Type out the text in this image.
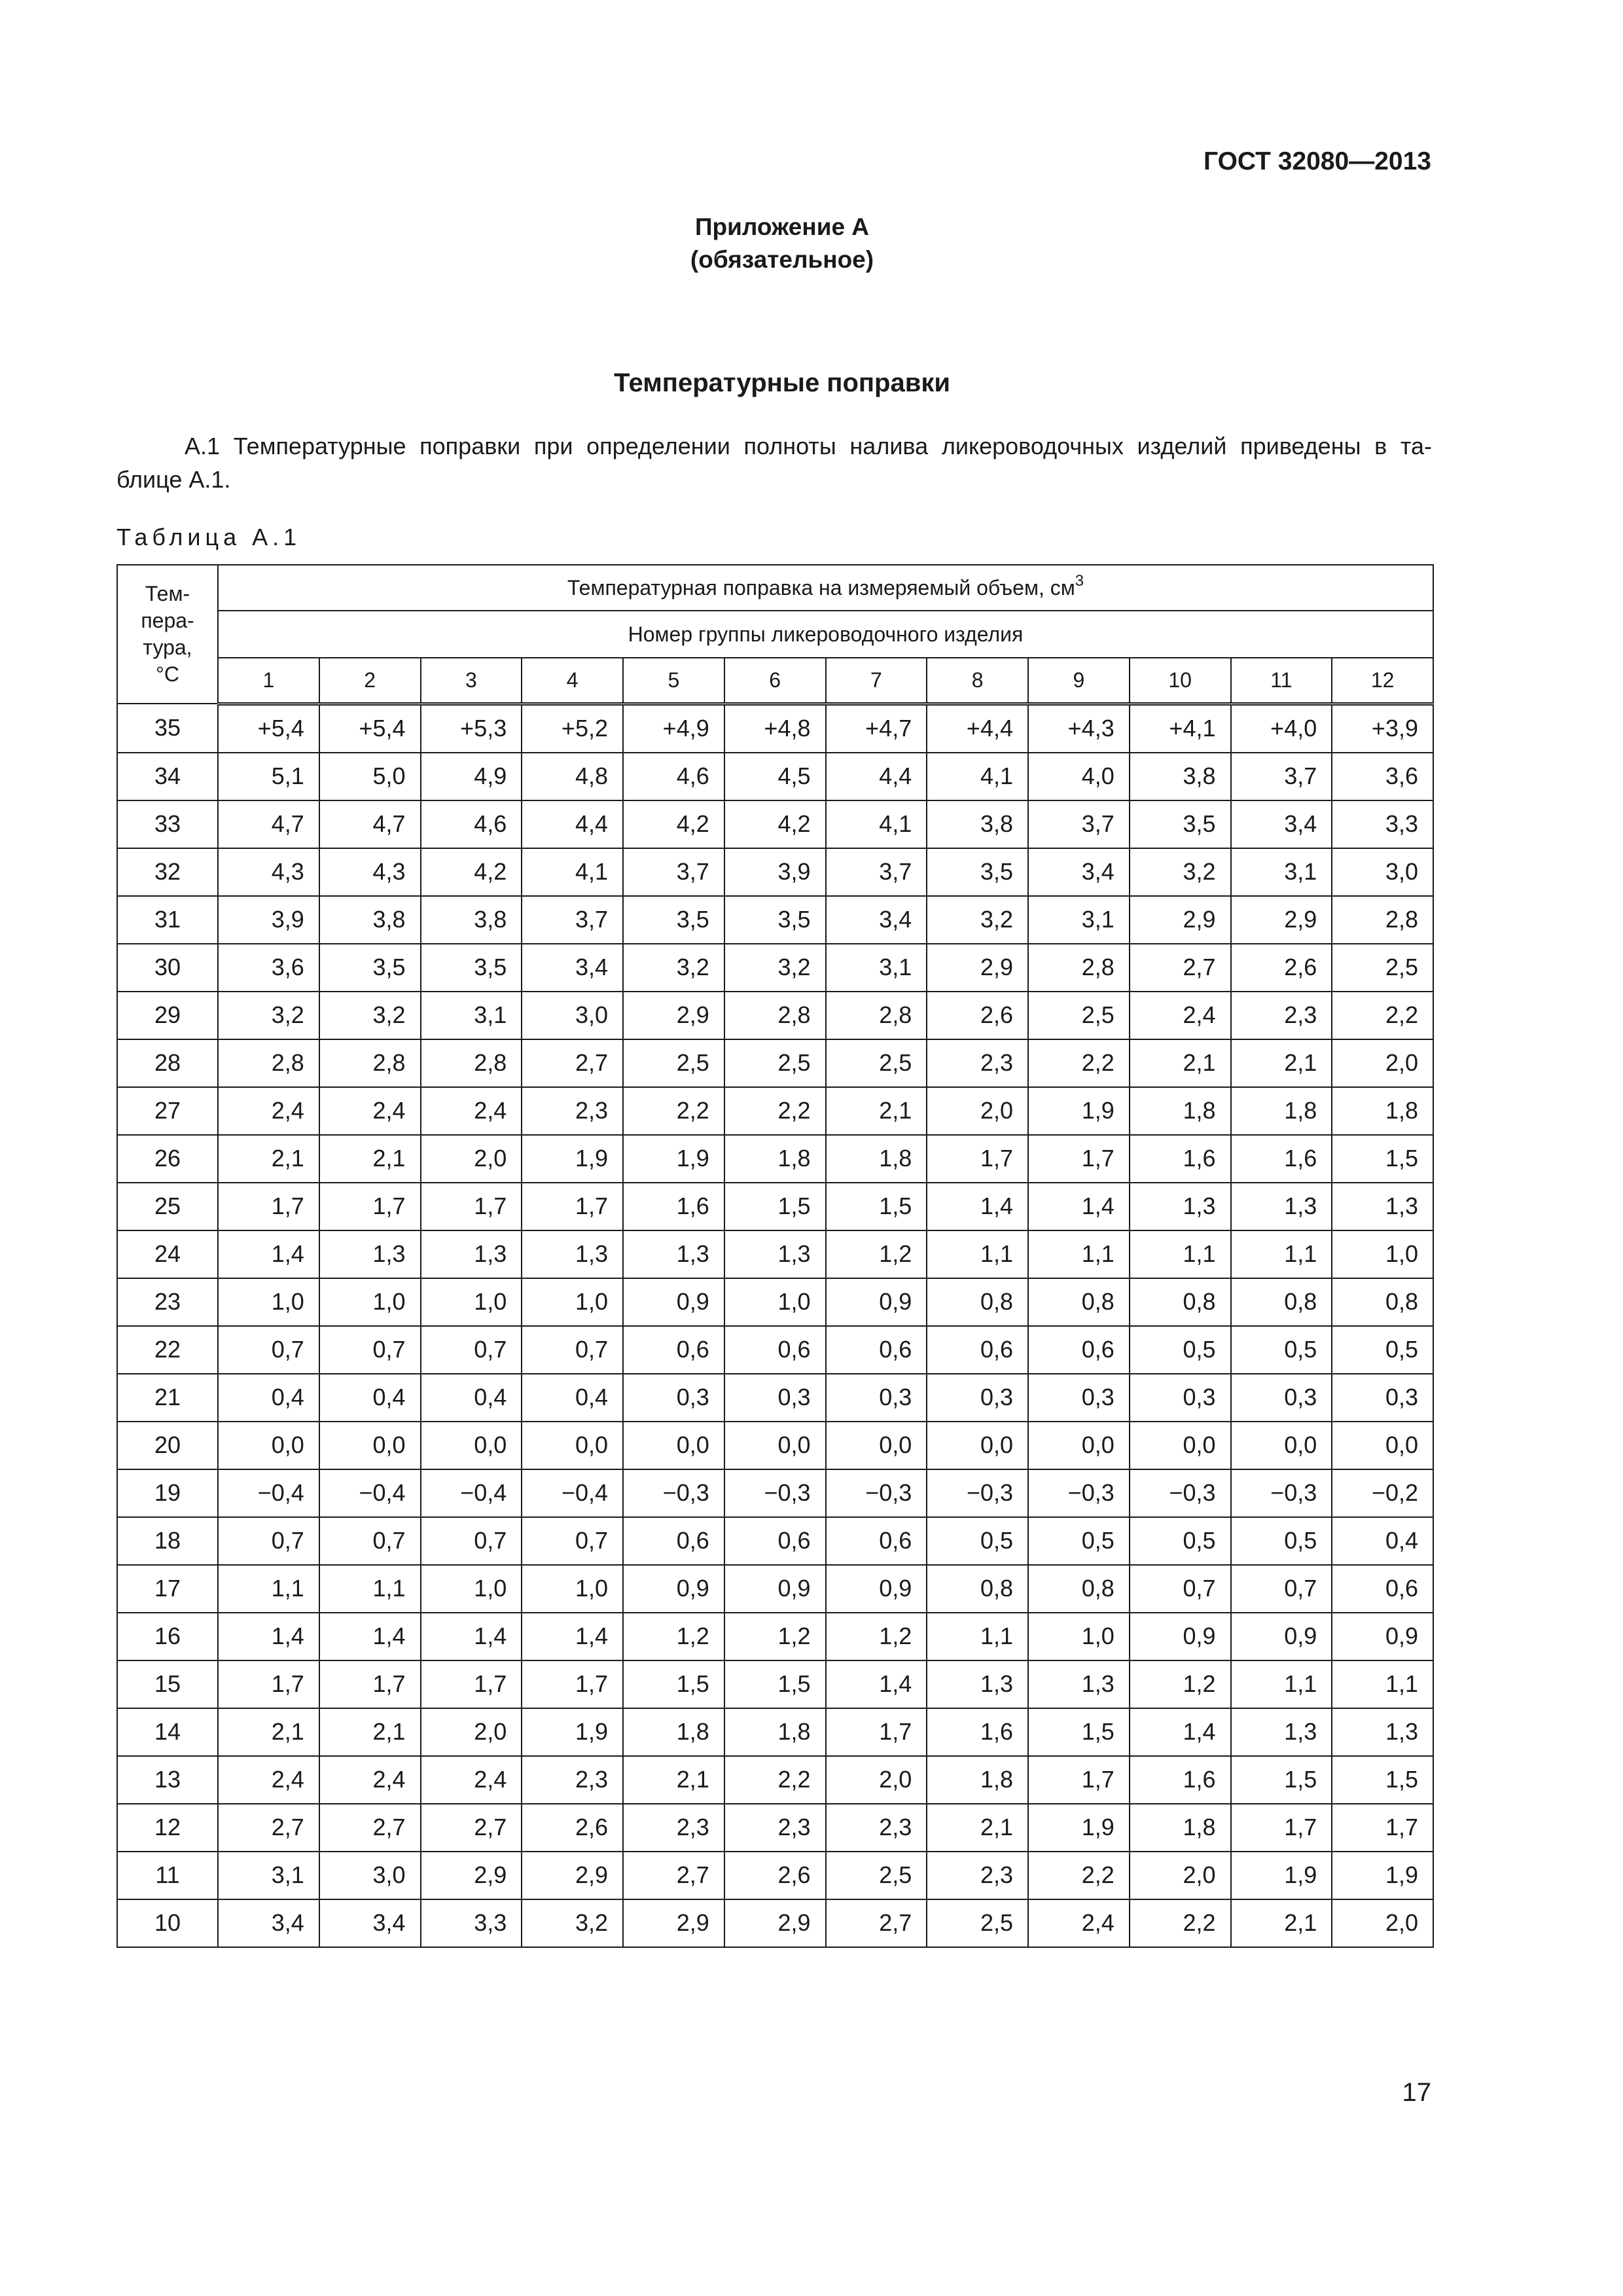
ГОСТ 32080—2013
Приложение А
(обязательное)
Температурные поправки
А.1 Температурные поправки при определении полноты налива ликероводочных изделий приведены в та-
блице А.1.
Таблица А.1
Тем-
пера-
тура,
°С	Температурная поправка на измеряемый объем, $см^3$
	Номер группы ликероводочного изделия											
	1	2	3	4	5	6	7	8	9	10	11	12
35	+5,4	+5,4	+5,3	+5,2	+4,9	+4,8	+4,7	+4,4	+4,3	+4,1	+4,0	+3,9
34	5,1	5,0	4,9	4,8	4,6	4,5	4,4	4,1	4,0	3,8	3,7	3,6
33	4,7	4,7	4,6	4,4	4,2	4,2	4,1	3,8	3,7	3,5	3,4	3,3
32	4,3	4,3	4,2	4,1	3,7	3,9	3,7	3,5	3,4	3,2	3,1	3,0
31	3,9	3,8	3,8	3,7	3,5	3,5	3,4	3,2	3,1	2,9	2,9	2,8
30	3,6	3,5	3,5	3,4	3,2	3,2	3,1	2,9	2,8	2,7	2,6	2,5
29	3,2	3,2	3,1	3,0	2,9	2,8	2,8	2,6	2,5	2,4	2,3	2,2
28	2,8	2,8	2,8	2,7	2,5	2,5	2,5	2,3	2,2	2,1	2,1	2,0
27	2,4	2,4	2,4	2,3	2,2	2,2	2,1	2,0	1,9	1,8	1,8	1,8
26	2,1	2,1	2,0	1,9	1,9	1,8	1,8	1,7	1,7	1,6	1,6	1,5
25	1,7	1,7	1,7	1,7	1,6	1,5	1,5	1,4	1,4	1,3	1,3	1,3
24	1,4	1,3	1,3	1,3	1,3	1,3	1,2	1,1	1,1	1,1	1,1	1,0
23	1,0	1,0	1,0	1,0	0,9	1,0	0,9	0,8	0,8	0,8	0,8	0,8
22	0,7	0,7	0,7	0,7	0,6	0,6	0,6	0,6	0,6	0,5	0,5	0,5
21	0,4	0,4	0,4	0,4	0,3	0,3	0,3	0,3	0,3	0,3	0,3	0,3
20	0,0	0,0	0,0	0,0	0,0	0,0	0,0	0,0	0,0	0,0	0,0	0,0
19	−0,4	−0,4	−0,4	−0,4	−0,3	−0,3	−0,3	−0,3	−0,3	−0,3	−0,3	−0,2
18	0,7	0,7	0,7	0,7	0,6	0,6	0,6	0,5	0,5	0,5	0,5	0,4
17	1,1	1,1	1,0	1,0	0,9	0,9	0,9	0,8	0,8	0,7	0,7	0,6
16	1,4	1,4	1,4	1,4	1,2	1,2	1,2	1,1	1,0	0,9	0,9	0,9
15	1,7	1,7	1,7	1,7	1,5	1,5	1,4	1,3	1,3	1,2	1,1	1,1
14	2,1	2,1	2,0	1,9	1,8	1,8	1,7	1,6	1,5	1,4	1,3	1,3
13	2,4	2,4	2,4	2,3	2,1	2,2	2,0	1,8	1,7	1,6	1,5	1,5
12	2,7	2,7	2,7	2,6	2,3	2,3	2,3	2,1	1,9	1,8	1,7	1,7
11	3,1	3,0	2,9	2,9	2,7	2,6	2,5	2,3	2,2	2,0	1,9	1,9
10	3,4	3,4	3,3	3,2	2,9	2,9	2,7	2,5	2,4	2,2	2,1	2,0
17
